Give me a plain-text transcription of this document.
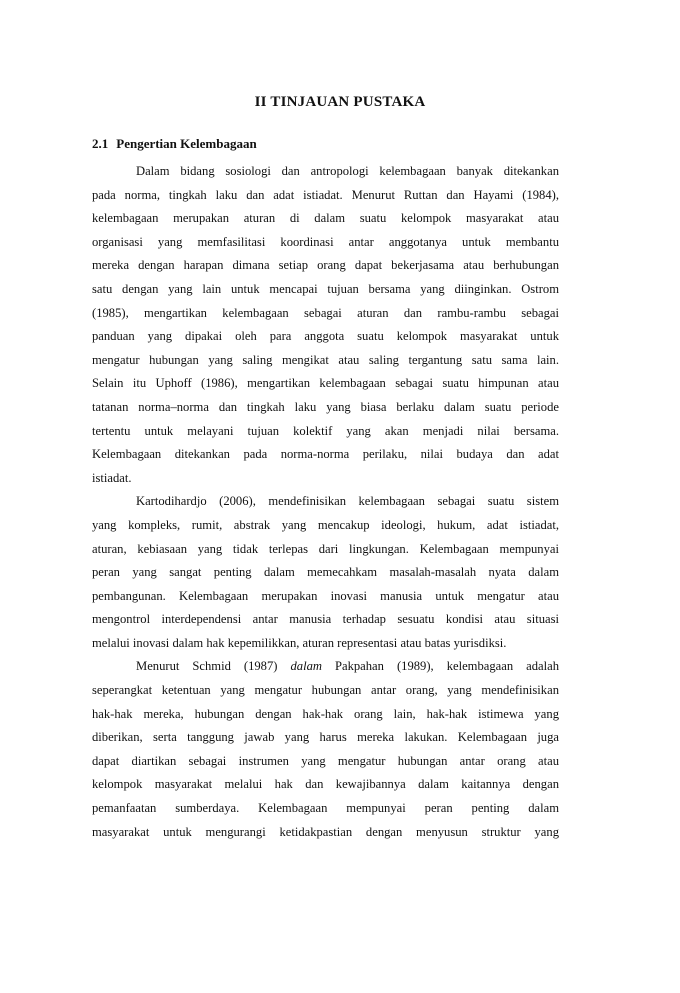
II TINJAUAN PUSTAKA
2.1 Pengertian Kelembagaan
Dalam bidang sosiologi dan antropologi kelembagaan banyak ditekankan
pada norma, tingkah laku dan adat istiadat. Menurut Ruttan dan Hayami (1984),
kelembagaan merupakan aturan di dalam suatu kelompok masyarakat atau
organisasi yang memfasilitasi koordinasi antar anggotanya untuk membantu
mereka dengan harapan dimana setiap orang dapat bekerjasama atau berhubungan
satu dengan yang lain untuk mencapai tujuan bersama yang diinginkan. Ostrom
(1985), mengartikan kelembagaan sebagai aturan dan rambu-rambu sebagai
panduan yang dipakai oleh para anggota suatu kelompok masyarakat untuk
mengatur hubungan yang saling mengikat atau saling tergantung satu sama lain.
Selain itu Uphoff (1986), mengartikan kelembagaan sebagai suatu himpunan atau
tatanan norma–norma dan tingkah laku yang biasa berlaku dalam suatu periode
tertentu untuk melayani tujuan kolektif yang akan menjadi nilai bersama.
Kelembagaan ditekankan pada norma-norma perilaku, nilai budaya dan adat
istiadat.
Kartodihardjo (2006), mendefinisikan kelembagaan sebagai suatu sistem
yang kompleks, rumit, abstrak yang mencakup ideologi, hukum, adat istiadat,
aturan, kebiasaan yang tidak terlepas dari lingkungan. Kelembagaan mempunyai
peran yang sangat penting dalam memecahkam masalah-masalah nyata dalam
pembangunan. Kelembagaan merupakan inovasi manusia untuk mengatur atau
mengontrol interdependensi antar manusia terhadap sesuatu kondisi atau situasi
melalui inovasi dalam hak kepemilikkan, aturan representasi atau batas yurisdiksi.
Menurut Schmid (1987) dalam Pakpahan (1989), kelembagaan adalah
seperangkat ketentuan yang mengatur hubungan antar orang, yang mendefinisikan
hak-hak mereka, hubungan dengan hak-hak orang lain, hak-hak istimewa yang
diberikan, serta tanggung jawab yang harus mereka lakukan. Kelembagaan juga
dapat diartikan sebagai instrumen yang mengatur hubungan antar orang atau
kelompok masyarakat melalui hak dan kewajibannya dalam kaitannya dengan
pemanfaatan sumberdaya. Kelembagaan mempunyai peran penting dalam
masyarakat untuk mengurangi ketidakpastian dengan menyusun struktur yang
